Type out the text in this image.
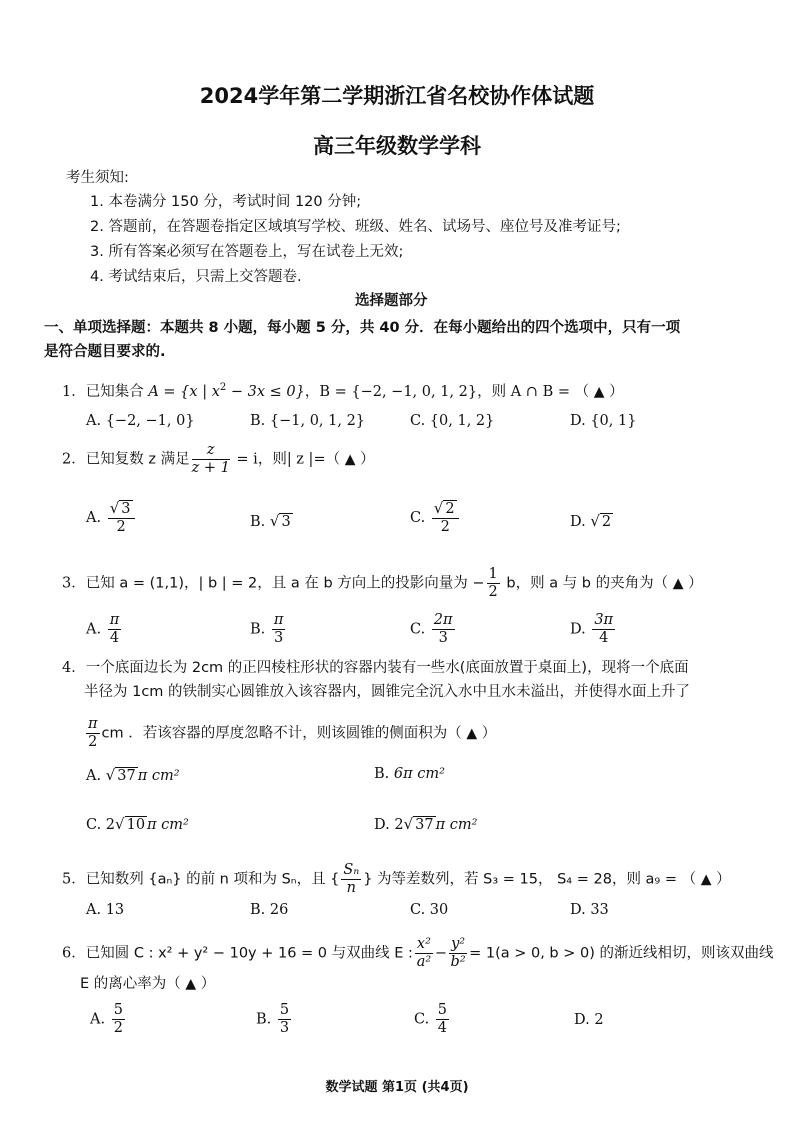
2024学年第二学期浙江省名校协作体试题
高三年级数学学科
考生须知:
1. 本卷满分 150 分，考试时间 120 分钟;
2. 答题前，在答题卷指定区域填写学校、班级、姓名、试场号、座位号及准考证号;
3. 所有答案必须写在答题卷上，写在试卷上无效;
4. 考试结束后，只需上交答题卷.
选择题部分
一、单项选择题：本题共 8 小题，每小题 5 分，共 40 分．在每小题给出的四个选项中，只有一项
是符合题目要求的.
1．已知集合 A = {x | $x^2 - 3x \le 0$}，B = {−2, −1, 0, 1, 2}，则 A ∩ B = （ ▲ ）
A. {−2, −1, 0}	B. {−1, 0, 1, 2}	C. {0, 1, 2}	D. {0, 1}
2．已知复数 z 满足 $\frac{z}{z + 1} = i$，则| z |=（ ▲ ）
A. $\frac{√ 3}{2}$	B. √ 3	C. $\frac{√ 2}{2}$	D. √ 2
3．已知 a = (1,1)，| b | = 2，且 a 在 b 方向上的投影向量为 − $\frac{1}{2}$ b，则 a 与 b 的夹角为（ ▲ ）
A. $\frac{\pi}{4}$	B. $\frac{\pi}{3}$	C. $\frac{2\pi}{3}$	D. $\frac{3\pi}{4}$
4．一个底面边长为 2cm 的正四棱柱形状的容器内装有一些水(底面放置于桌面上)，现将一个底面
半径为 1cm 的铁制实心圆锥放入该容器内，圆锥完全沉入水中且水未溢出，并使得水面上升了
$\frac{\pi}{2}$ cm ．若该容器的厚度忽略不计，则该圆锥的侧面积为（ ▲ ）
A. √ 37 π cm²	B. 6π cm²
C. 2√ 10 π cm²	D. 2√ 37 π cm²
5．已知数列 {aₙ} 的前 n 项和为 Sₙ，且 { $\frac{\text{Sₙ}}{n}$ } 为等差数列，若 S₃ = 15， S₄ = 28，则 a₉ = （ ▲ ）
A. 13	B. 26	C. 30	D. 33
6．已知圆 C : x² + y² − 10y + 16 = 0 与双曲线 E : $\frac{\text{x²}}{\text{a²}} - \frac{\text{y²}}{\text{b²}} = 1(a > 0$, b > 0) 的渐近线相切，则该双曲线
E 的离心率为（ ▲ ）
A. $\frac{5}{2}$	B. $\frac{5}{3}$	C. $\frac{5}{4}$	D. 2
数学试题 第1页 (共4页)
